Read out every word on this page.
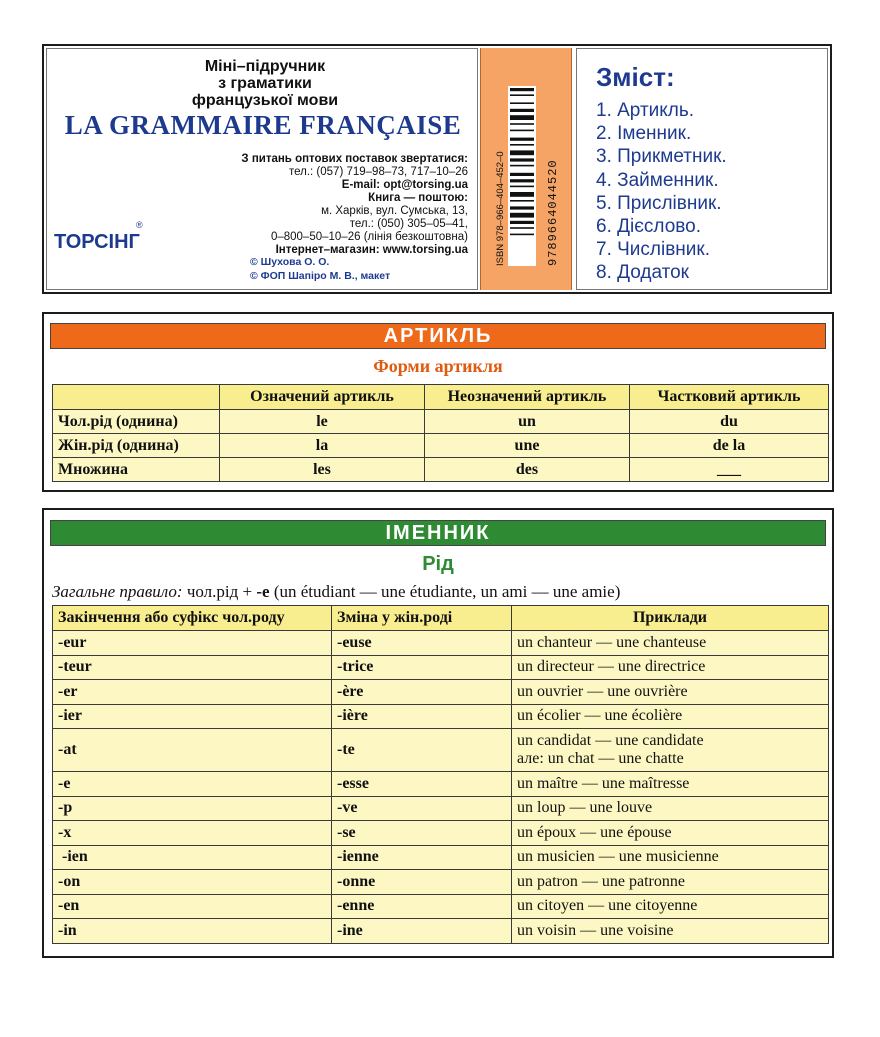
Міні–підручник
з граматики
французької мови
LA GRAMMAIRE FRANÇAISE
З питань оптових поставок звертатися:
тел.: (057) 719–98–73, 717–10–26
E-mail: opt@torsing.ua
Книга — поштою:
м. Харків, вул. Сумська, 13,
тел.: (050) 305–05–41,
0–800–50–10–26 (лінія безкоштовна)
Інтернет–магазин: www.torsing.ua
ТОРСІНГ
®
© Шухова О. О.
© ФОП Шапіро М. В., макет
ISBN 978–966–404–452–0	9789664044520
Зміст:
1. Артикль.
2. Іменник.
3. Прикметник.
4. Займенник.
5. Прислівник.
6. Дієслово.
7. Числівник.
8. Додаток
АРТИКЛЬ
Форми артикля
	Означений артикль	Неозначений артикль	Частковий артикль
Чол.рід (однина)	le	un	du
Жін.рід (однина)	la	une	de la
Множина	les	des	___
ІМЕННИК
Рід
Загальне правило: чол.рід + -e (un étudiant — une étudiante, un ami — une amie)
Закінчення або суфікс чол.роду	Зміна у жін.роді	Приклади
-eur	-euse	un chanteur — une chanteuse
-teur	-trice	un directeur — une directrice
-er	-ère	un ouvrier — une ouvrière
-ier	-ière	un écolier — une écolière
-at	-te	un candidat — une candidate
але: un chat — une chatte

-e	-esse	un maître — une maîtresse
-p	-ve	un loup — une louve
-x	-se	un époux — une épouse
-ien	-ienne	un musicien — une musicienne
-on	-onne	un patron — une patronne
-en	-enne	un citoyen — une citoyenne
-in	-ine	un voisin — une voisine
